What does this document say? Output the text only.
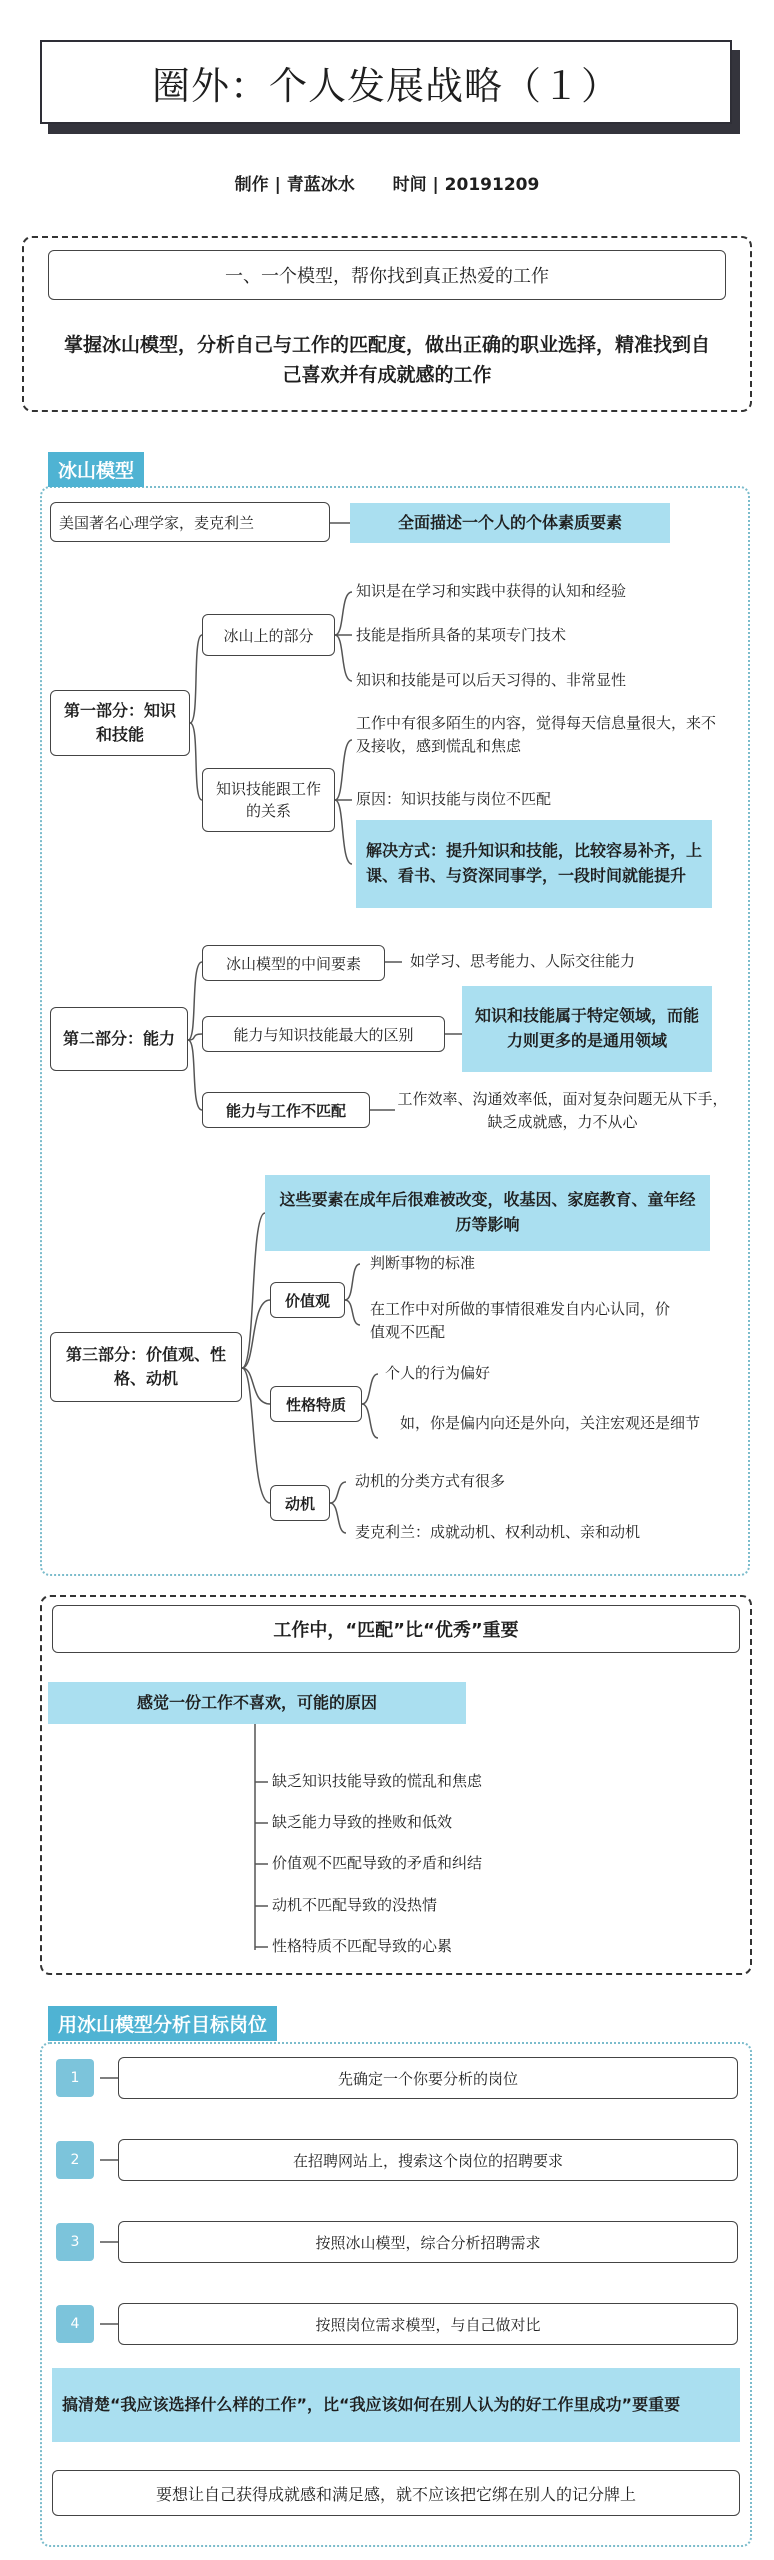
圈外：个人发展战略（１）
制作 | 青蓝冰水 时间 | 20191209
一、一个模型，帮你找到真正热爱的工作
掌握冰山模型，分析自己与工作的匹配度，做出正确的职业选择，精准找到自己喜欢并有成就感的工作
冰山模型
美国著名心理学家，麦克利兰	全面描述一个人的个体素质要素
第一部分：知识和技能
冰山上的部分
知识是在学习和实践中获得的认知和经验
技能是指所具备的某项专门技术
知识和技能是可以后天习得的、非常显性
知识技能跟工作的关系
工作中有很多陌生的内容，觉得每天信息量很大，来不及接收，感到慌乱和焦虑
原因：知识技能与岗位不匹配
解决方式：提升知识和技能，比较容易补齐，上课、看书、与资深同事学，一段时间就能提升
第二部分：能力
冰山模型的中间要素	如学习、思考能力、人际交往能力
能力与知识技能最大的区别
知识和技能属于特定领域，而能力则更多的是通用领域
能力与工作不匹配
工作效率、沟通效率低，面对复杂问题无从下手，缺乏成就感，力不从心
第三部分：价值观、性格、动机
这些要素在成年后很难被改变，收基因、家庭教育、童年经历等影响
价值观
判断事物的标准
在工作中对所做的事情很难发自内心认同，价值观不匹配
性格特质
个人的行为偏好
如，你是偏内向还是外向，关注宏观还是细节
动机
动机的分类方式有很多
麦克利兰：成就动机、权利动机、亲和动机
工作中，“匹配”比“优秀”重要
感觉一份工作不喜欢，可能的原因
缺乏知识技能导致的慌乱和焦虑
缺乏能力导致的挫败和低效
价值观不匹配导致的矛盾和纠结
动机不匹配导致的没热情
性格特质不匹配导致的心累
用冰山模型分析目标岗位
1	先确定一个你要分析的岗位
2	在招聘网站上，搜索这个岗位的招聘要求
3	按照冰山模型，综合分析招聘需求
4	按照岗位需求模型，与自己做对比
搞清楚“我应该选择什么样的工作”，比“我应该如何在别人认为的好工作里成功”要重要
要想让自己获得成就感和满足感，就不应该把它绑在别人的记分牌上
